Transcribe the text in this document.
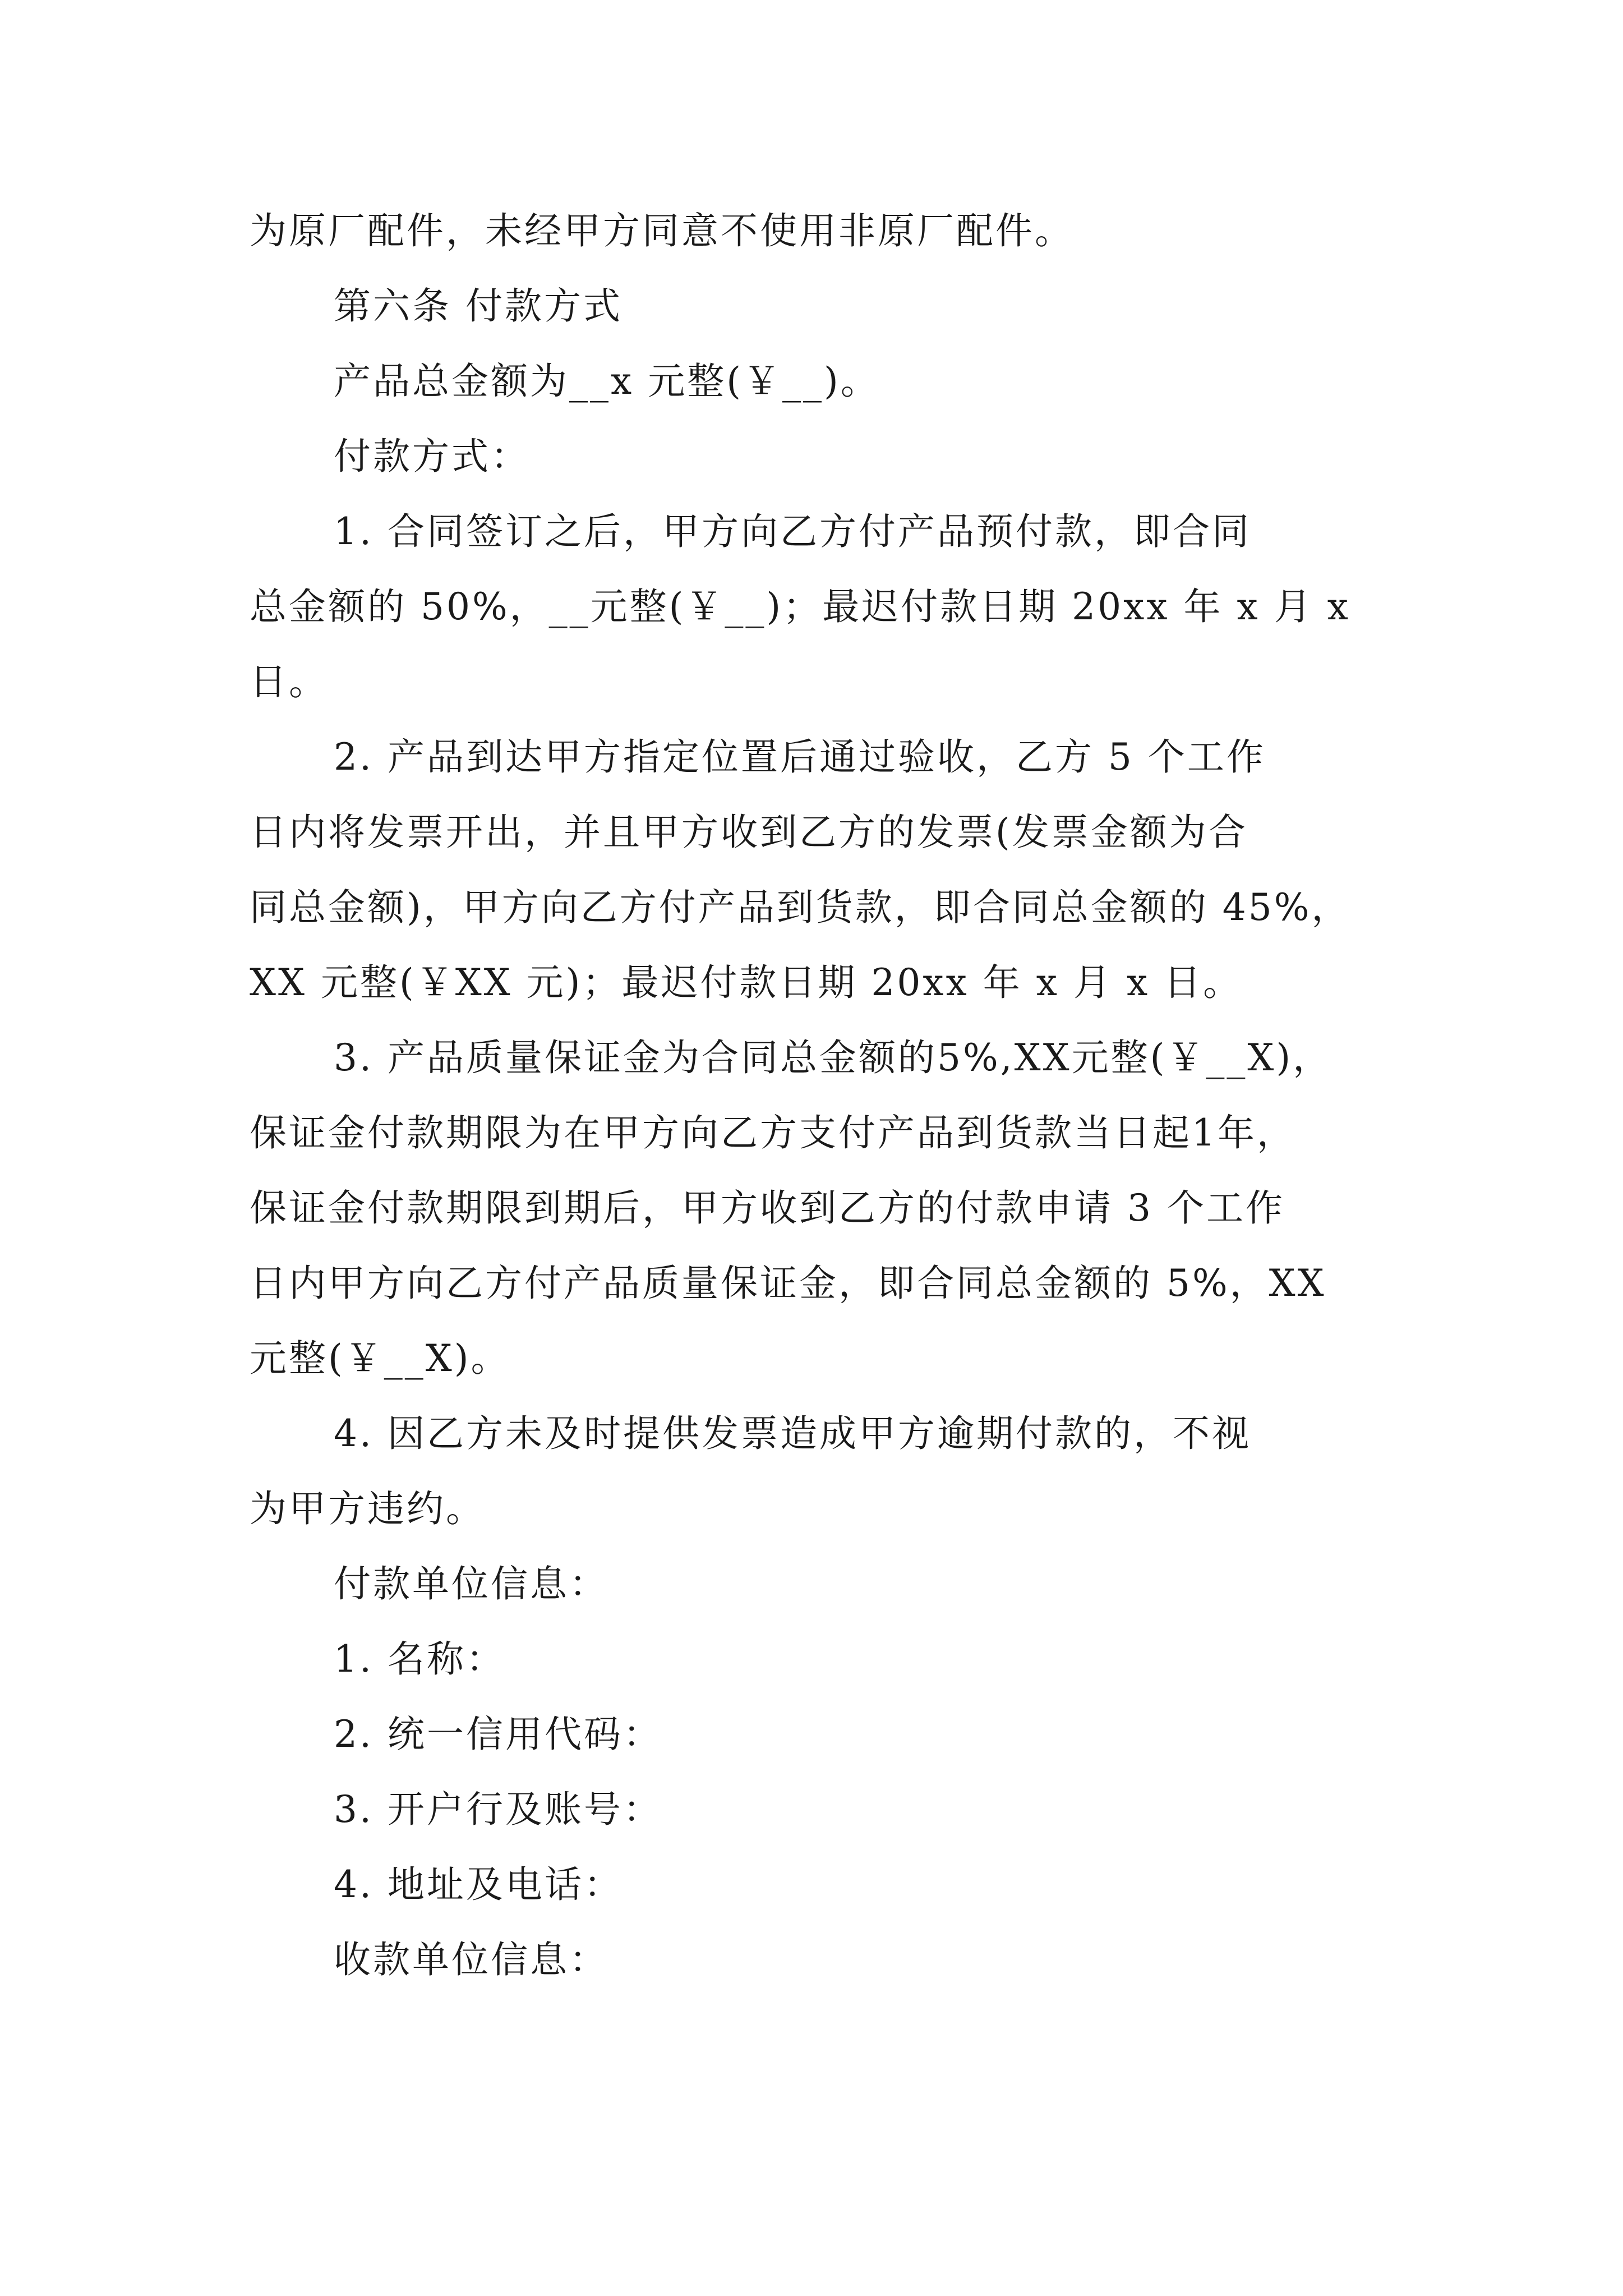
为原厂配件，未经甲方同意不使用非原厂配件。

第六条 付款方式

产品总金额为__x 元整(￥__)。

付款方式：

1. 合同签订之后，甲方向乙方付产品预付款，即合同

总金额的 50%，__元整(￥__)；最迟付款日期 20xx 年 x 月 x

日。

2. 产品到达甲方指定位置后通过验收，乙方 5 个工作

日内将发票开出，并且甲方收到乙方的发票(发票金额为合

同总金额)，甲方向乙方付产品到货款，即合同总金额的 45%，

XX 元整(￥XX 元)；最迟付款日期 20xx 年 x 月 x 日。

3. 产品质量保证金为合同总金额的5%,XX元整(￥__X)，

保证金付款期限为在甲方向乙方支付产品到货款当日起1年，

保证金付款期限到期后，甲方收到乙方的付款申请 3 个工作

日内甲方向乙方付产品质量保证金，即合同总金额的 5%，XX

元整(￥__X)。

4. 因乙方未及时提供发票造成甲方逾期付款的，不视

为甲方违约。

付款单位信息：

1. 名称：

2. 统一信用代码：

3. 开户行及账号：

4. 地址及电话：

收款单位信息：
